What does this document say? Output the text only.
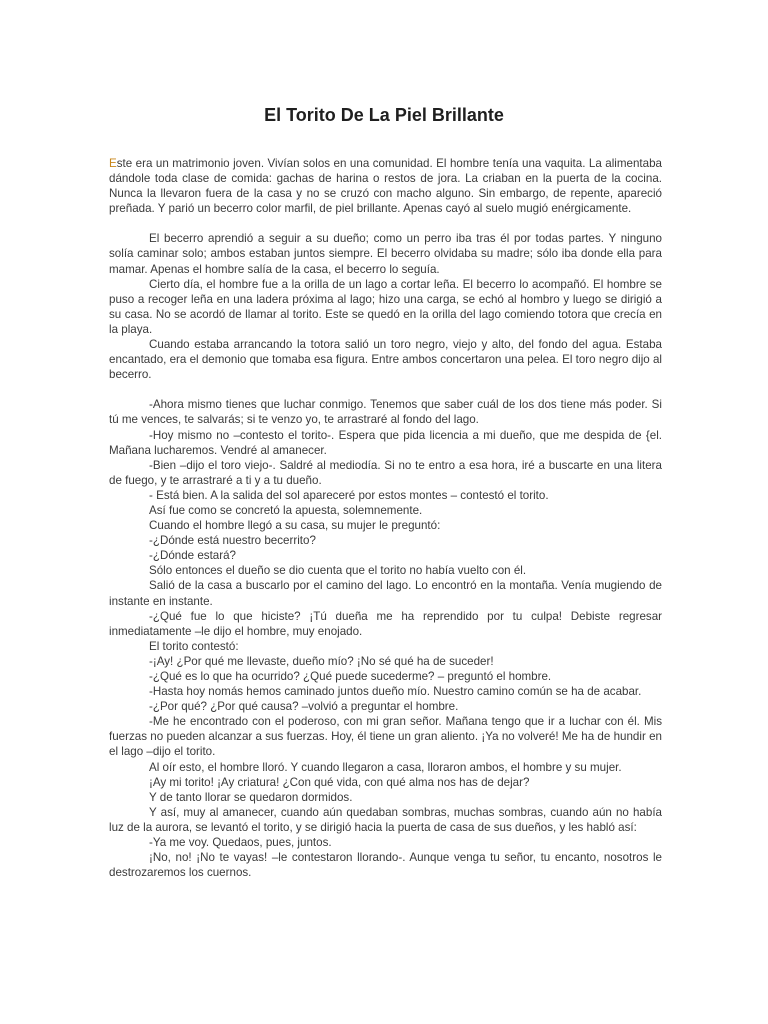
El Torito De La Piel Brillante

Este era un matrimonio joven. Vivían solos en una comunidad. El hombre tenía una vaquita. La alimentaba dándole toda clase de comida: gachas de harina o restos de jora. La criaban en la puerta de la cocina. Nunca la llevaron fuera de la casa y no se cruzó con macho alguno. Sin embargo, de repente, apareció preñada. Y parió un becerro color marfil, de piel brillante. Apenas cayó al suelo mugió enérgicamente.

El becerro aprendió a seguir a su dueño; como un perro iba tras él por todas partes. Y ninguno solía caminar solo; ambos estaban juntos siempre. El becerro olvidaba su madre; sólo iba donde ella para mamar. Apenas el hombre salía de la casa, el becerro lo seguía.

Cierto día, el hombre fue a la orilla de un lago a cortar leña. El becerro lo acompañó. El hombre se puso a recoger leña en una ladera próxima al lago; hizo una carga, se echó al hombro y luego se dirigió a su casa. No se acordó de llamar al torito. Este se quedó en la orilla del lago comiendo totora que crecía en la playa.

Cuando estaba arrancando la totora salió un toro negro, viejo y alto, del fondo del agua. Estaba encantado, era el demonio que tomaba esa figura. Entre ambos concertaron una pelea. El toro negro dijo al becerro.

-Ahora mismo tienes que luchar conmigo. Tenemos que saber cuál de los dos tiene más poder. Si tú me vences, te salvarás; si te venzo yo, te arrastraré al fondo del lago.

-Hoy mismo no –contesto el torito-. Espera que pida licencia a mi dueño, que me despida de {el. Mañana lucharemos. Vendré al amanecer.

-Bien –dijo el toro viejo-. Saldré al mediodía. Si no te entro a esa hora, iré a buscarte en una litera de fuego, y te arrastraré a ti y a tu dueño.

- Está bien. A la salida del sol apareceré por estos montes – contestó el torito.

Así fue como se concretó la apuesta, solemnemente.

Cuando el hombre llegó a su casa, su mujer le preguntó:

-¿Dónde está nuestro becerrito?

-¿Dónde estará?

Sólo entonces el dueño se dio cuenta que el torito no había vuelto con él.

Salió de la casa a buscarlo por el camino del lago. Lo encontró en la montaña. Venía mugiendo de instante en instante.

-¿Qué fue lo que hiciste? ¡Tú dueña me ha reprendido por tu culpa! Debiste regresar inmediatamente –le dijo el hombre, muy enojado.

El torito contestó:

-¡Ay! ¿Por qué me llevaste, dueño mío? ¡No sé qué ha de suceder!

-¿Qué es lo que ha ocurrido? ¿Qué puede sucederme? – preguntó el hombre.

-Hasta hoy nomás hemos caminado juntos dueño mío. Nuestro camino común se ha de acabar.

-¿Por qué? ¿Por qué causa? –volvió a preguntar el hombre.

-Me he encontrado con el poderoso, con mi gran señor. Mañana tengo que ir a luchar con él. Mis fuerzas no pueden alcanzar a sus fuerzas. Hoy, él tiene un gran aliento. ¡Ya no volveré! Me ha de hundir en el lago –dijo el torito.

Al oír esto, el hombre lloró. Y cuando llegaron a casa, lloraron ambos, el hombre y su mujer.

¡Ay mi torito! ¡Ay criatura! ¿Con qué vida, con qué alma nos has de dejar?

Y de tanto llorar se quedaron dormidos.

Y así, muy al amanecer, cuando aún quedaban sombras, muchas sombras, cuando aún no había luz de la aurora, se levantó el torito, y se dirigió hacia la puerta de casa de sus dueños, y les habló así:

-Ya me voy. Quedaos, pues, juntos.

¡No, no! ¡No te vayas! –le contestaron llorando-. Aunque venga tu señor, tu encanto, nosotros le destrozaremos los cuernos.
